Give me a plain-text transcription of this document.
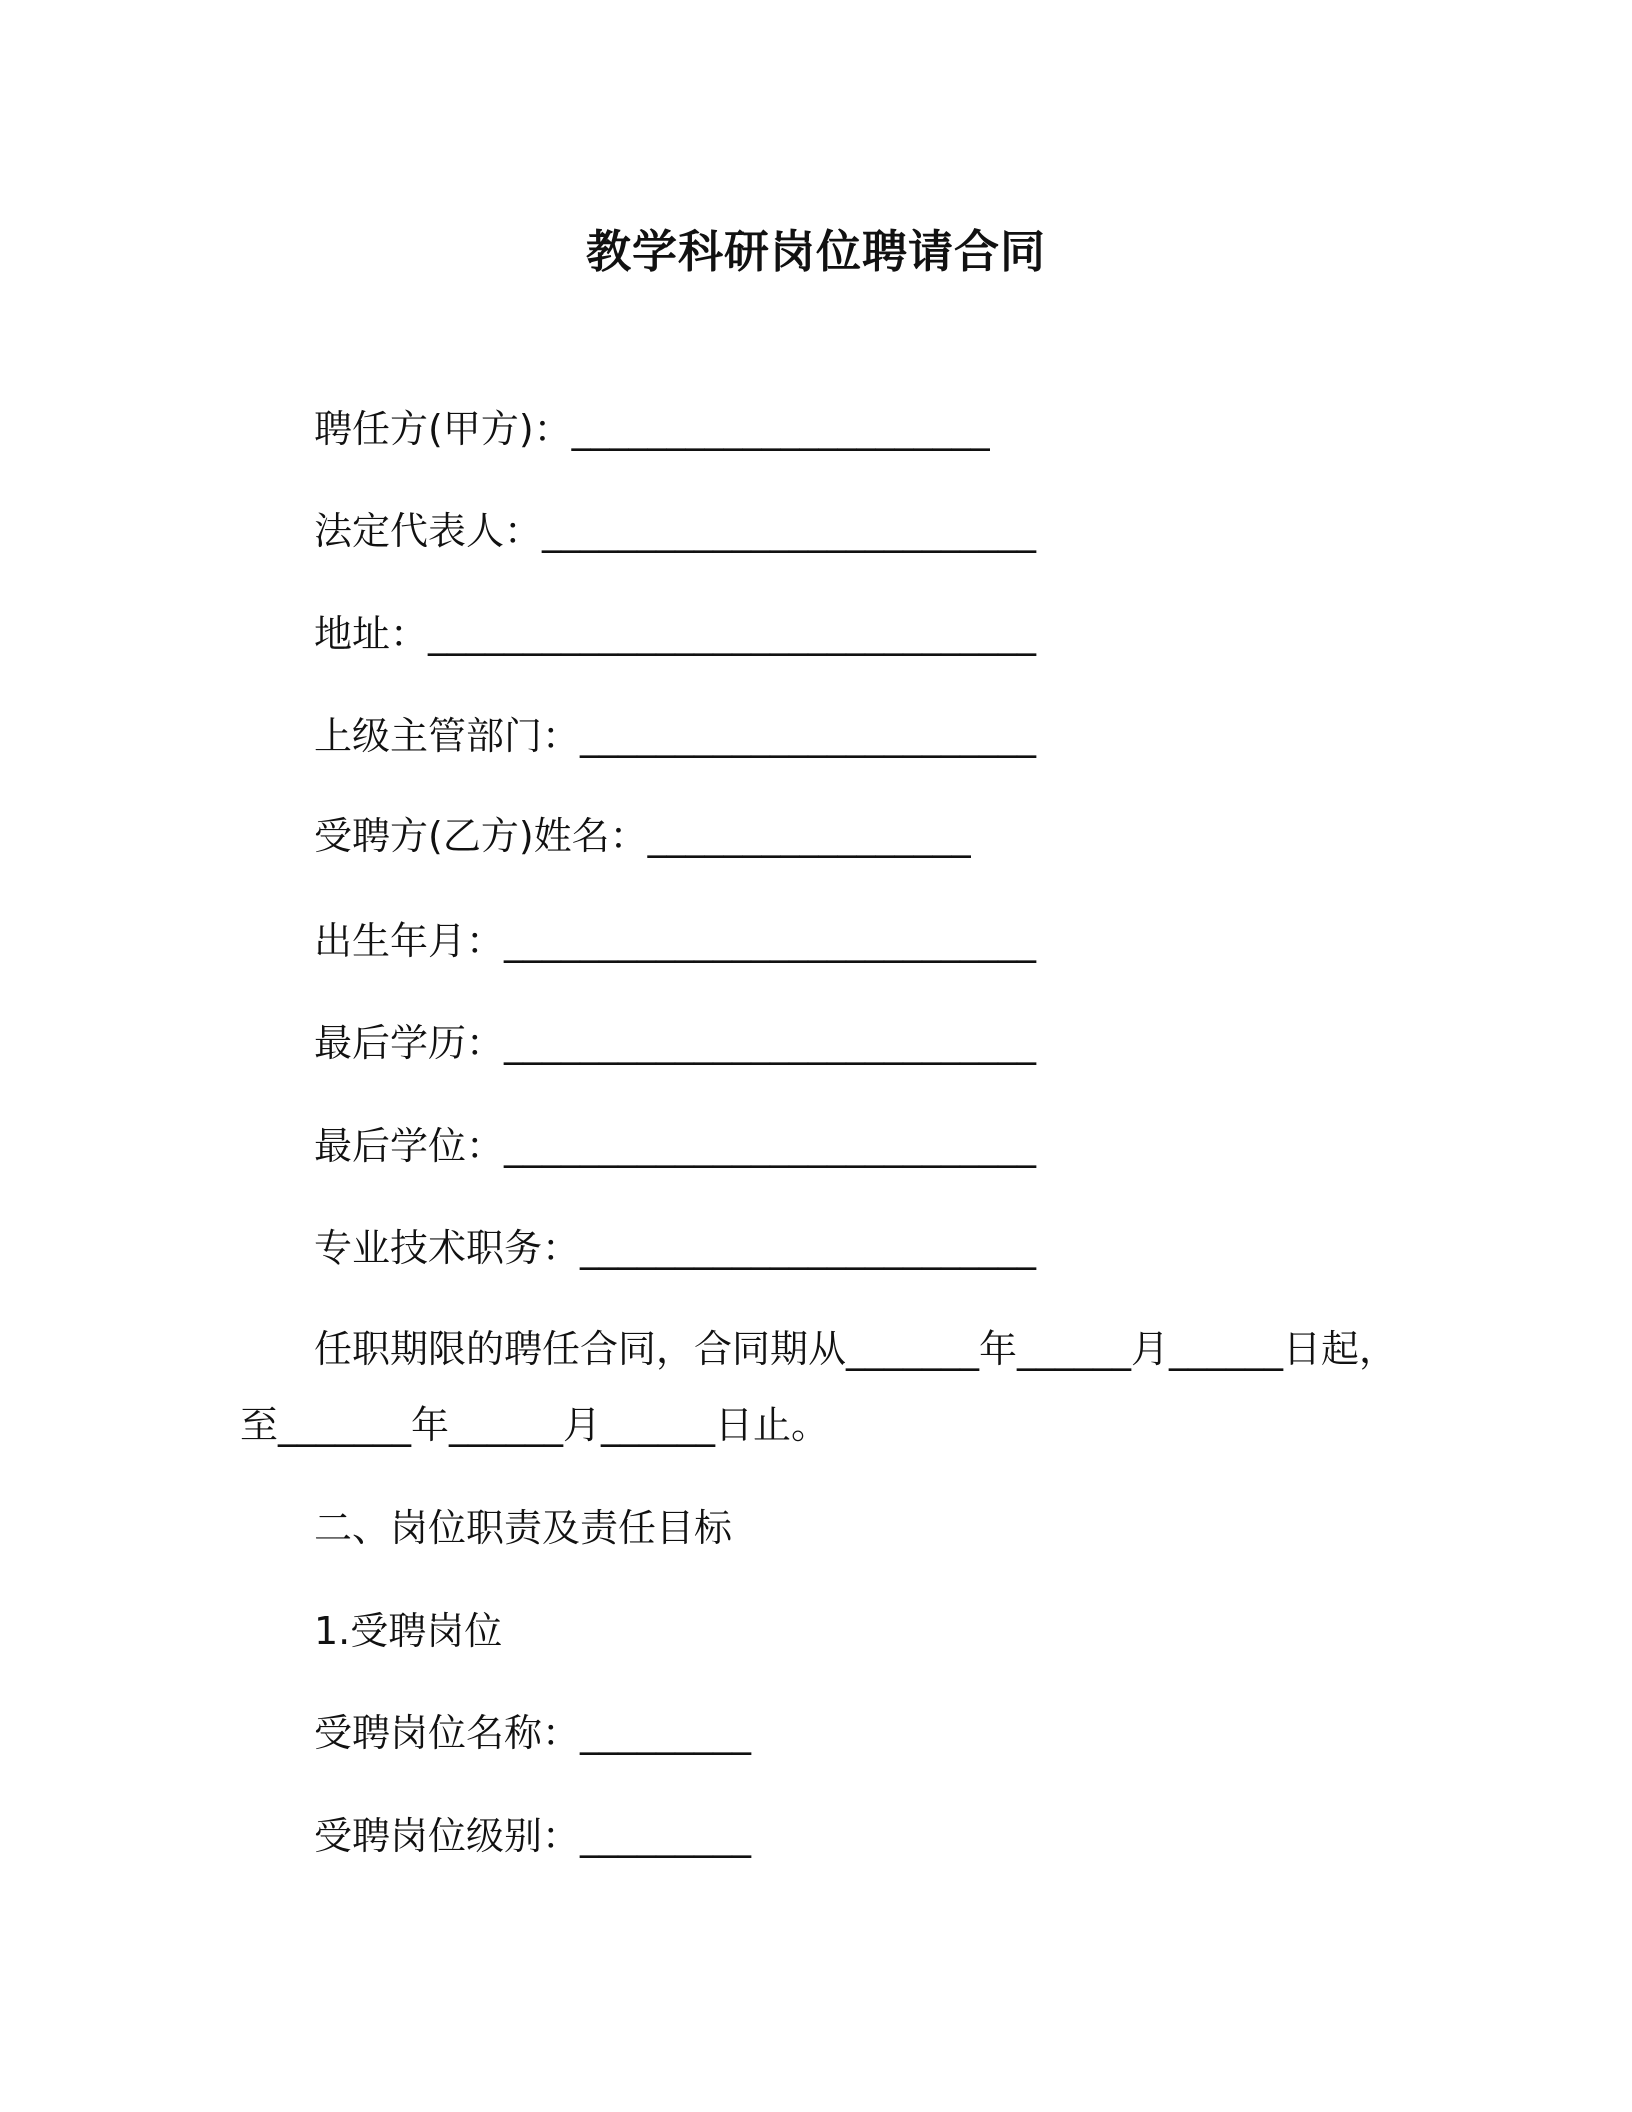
教学科研岗位聘请合同
聘任方(甲方)：______________________
法定代表人：__________________________
地址：________________________________
上级主管部门：________________________
受聘方(乙方)姓名：_________________
出生年月：____________________________
最后学历：____________________________
最后学位：____________________________
专业技术职务：________________________
任职期限的聘任合同，合同期从_______年______月______日起，
至_______年______月______日止。
二、岗位职责及责任目标
1.受聘岗位
受聘岗位名称：_________
受聘岗位级别：_________
